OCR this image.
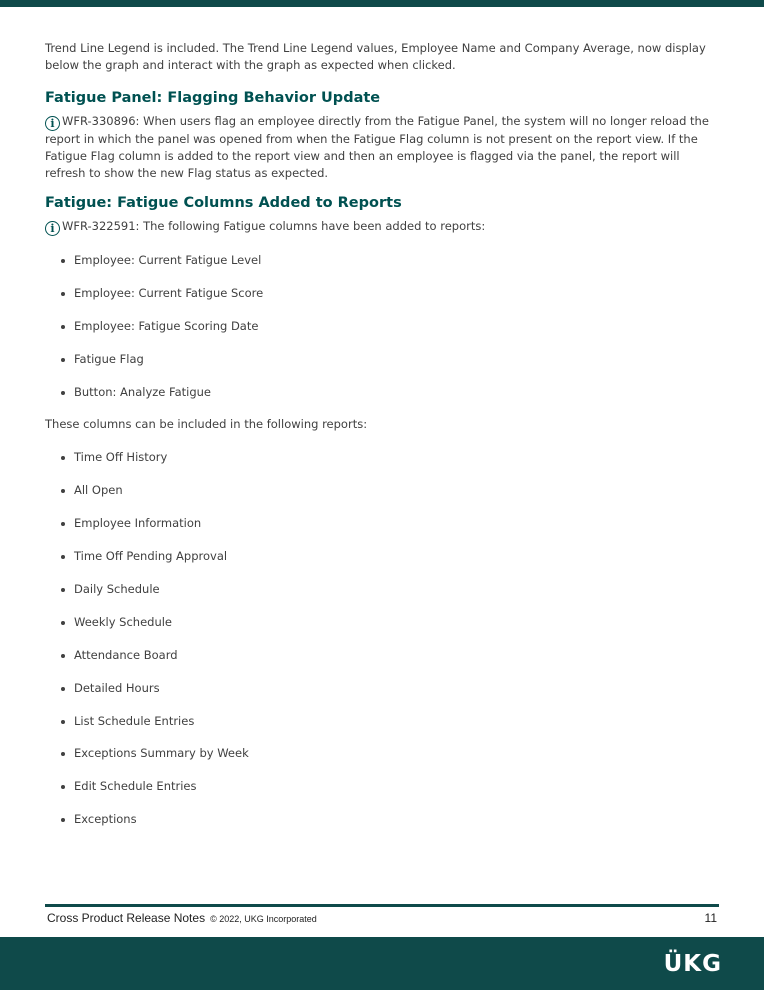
Trend Line Legend is included. The Trend Line Legend values, Employee Name and Company Average, now display below the graph and interact with the graph as expected when clicked.

Fatigue Panel: Flagging Behavior Update

i WFR-330896: When users flag an employee directly from the Fatigue Panel, the system will no longer reload the report in which the panel was opened from when the Fatigue Flag column is not present on the report view. If the Fatigue Flag column is added to the report view and then an employee is flagged via the panel, the report will refresh to show the new Flag status as expected.

Fatigue: Fatigue Columns Added to Reports

i WFR-322591: The following Fatigue columns have been added to reports:

Employee: Current Fatigue Level
Employee: Current Fatigue Score
Employee: Fatigue Scoring Date
Fatigue Flag
Button: Analyze Fatigue

These columns can be included in the following reports:

Time Off History
All Open
Employee Information
Time Off Pending Approval
Daily Schedule
Weekly Schedule
Attendance Board
Detailed Hours
List Schedule Entries
Exceptions Summary by Week
Edit Schedule Entries
Exceptions
Cross Product Release Notes © 2022, UKG Incorporated	11
ÜKG
